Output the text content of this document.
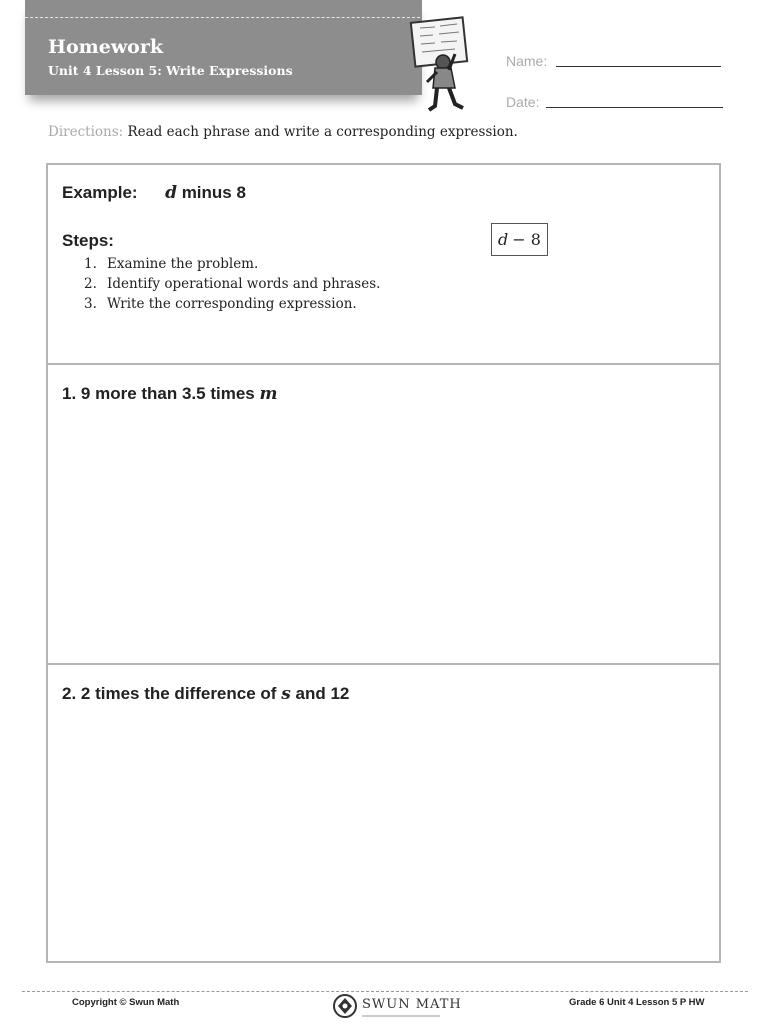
Homework
Unit 4 Lesson 5: Write Expressions
Name:
Date:
Directions: Read each phrase and write a corresponding expression.
Example: d minus 8
d − 8
Steps:
1. Examine the problem.
2. Identify operational words and phrases.
3. Write the corresponding expression.
1. 9 more than 3.5 times m
2. 2 times the difference of s and 12
Copyright © Swun Math	SWUN MATH	Grade 6 Unit 4 Lesson 5 P HW
